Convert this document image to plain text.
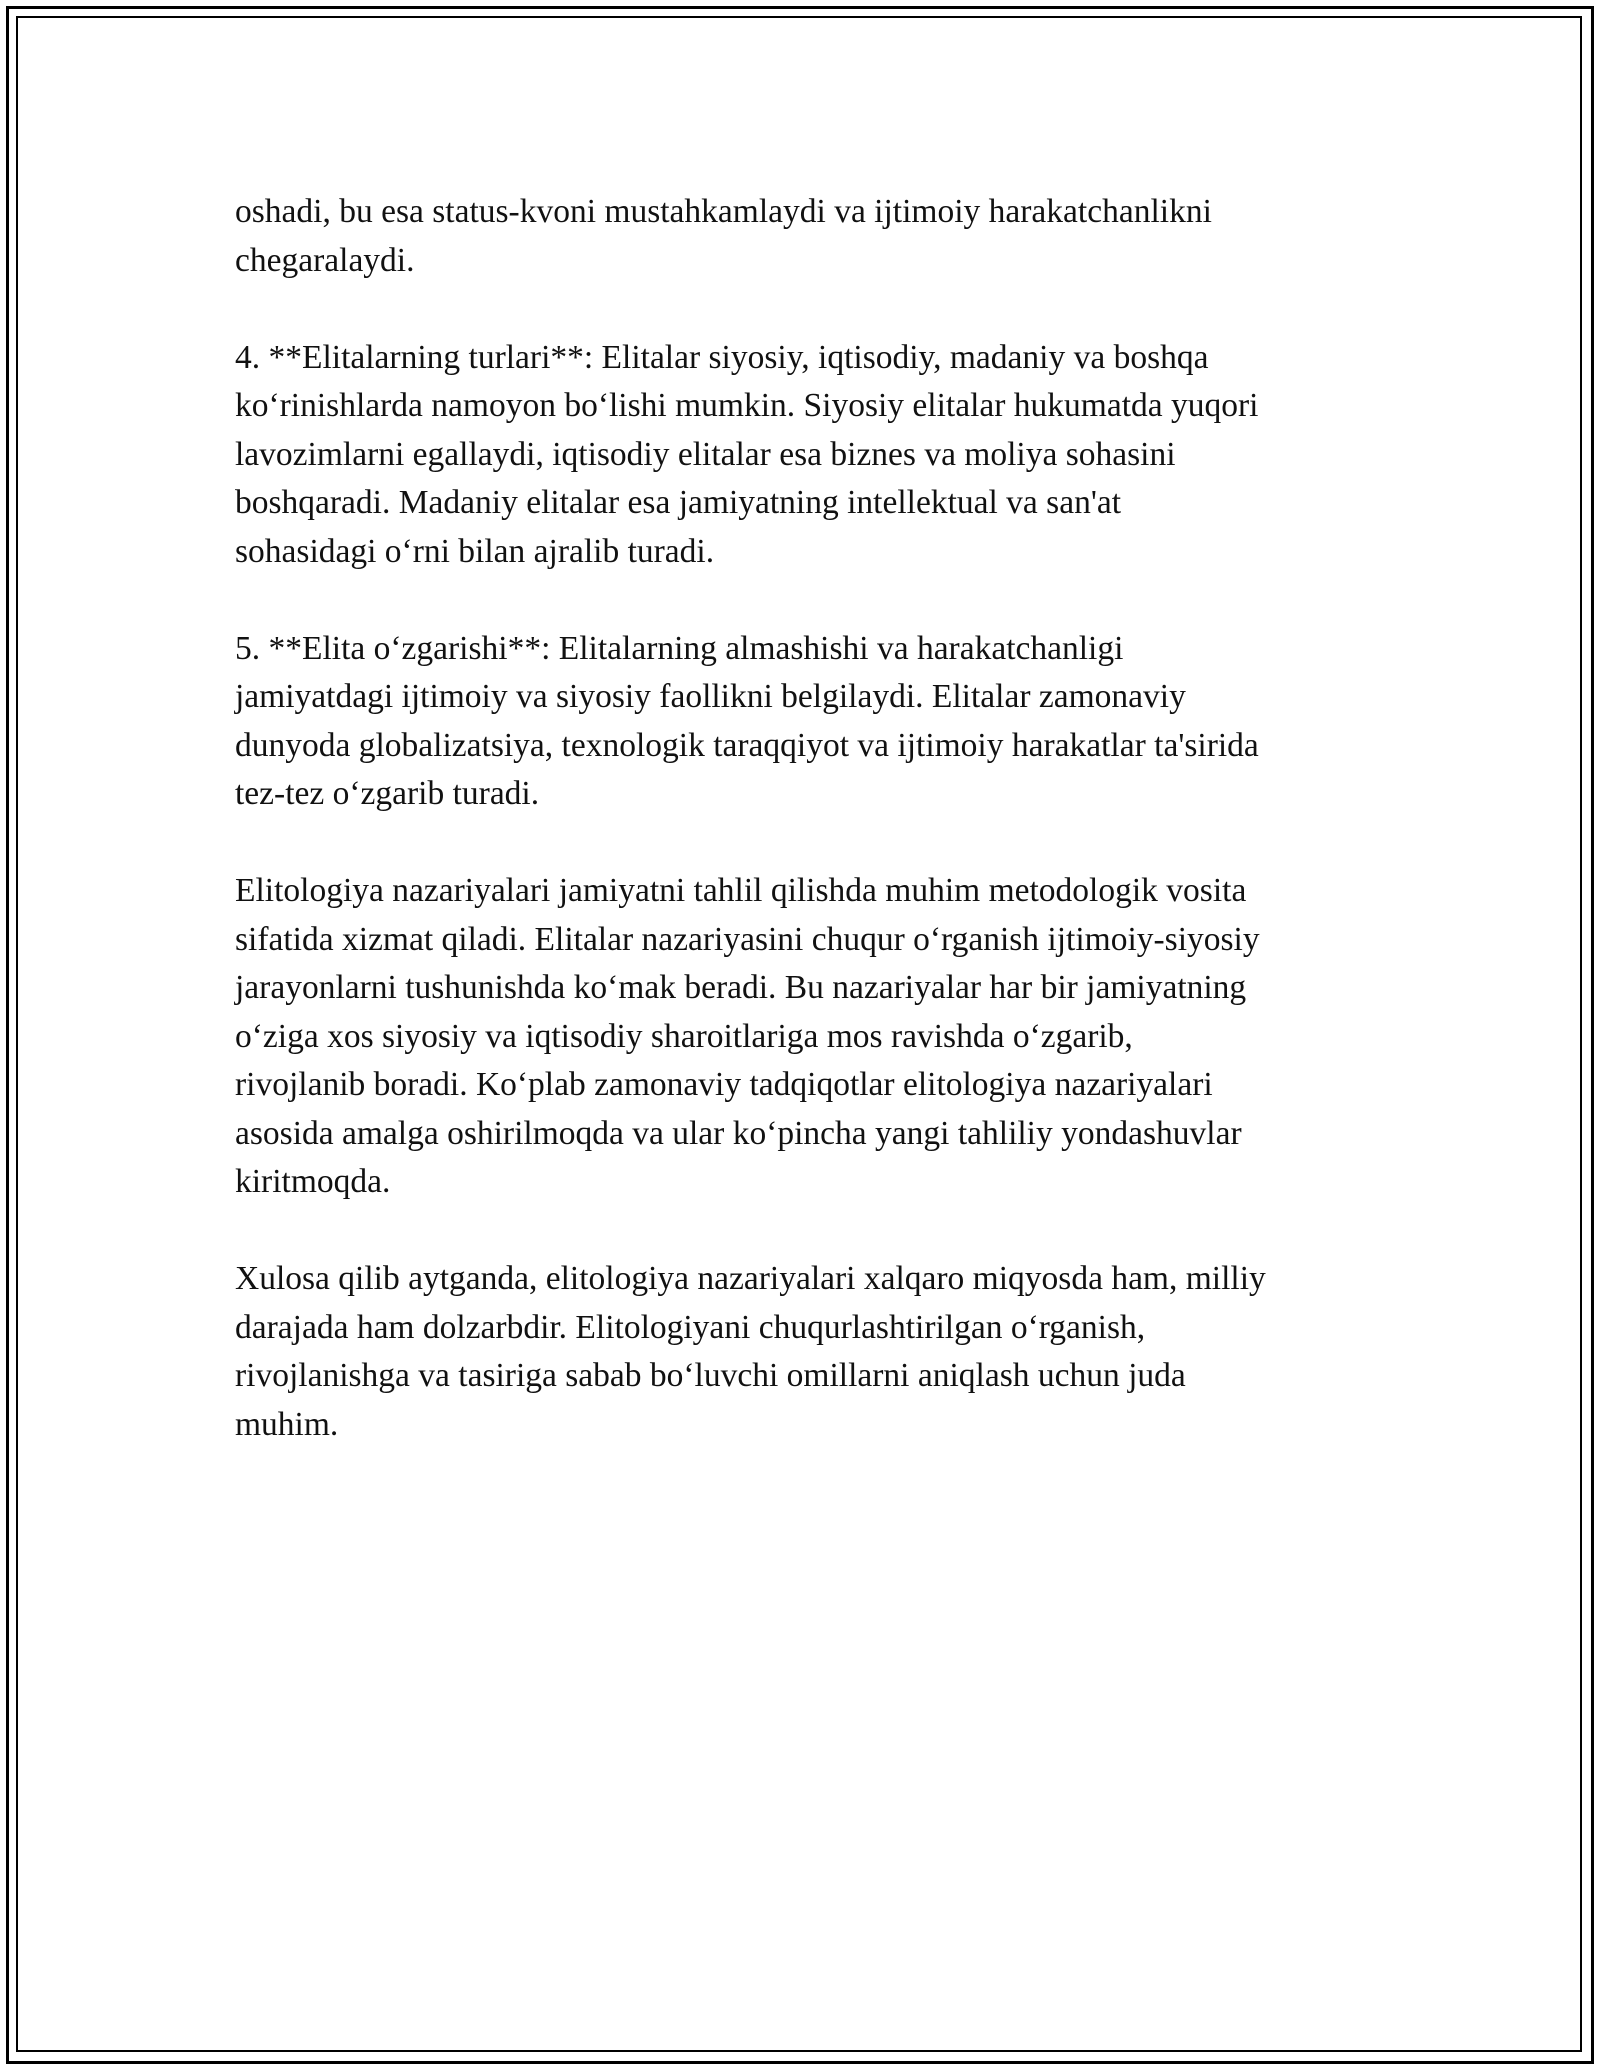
oshadi, bu esa status-kvoni mustahkamlaydi va ijtimoiy harakatchanlikni
chegaralaydi.

4. **Elitalarning turlari**: Elitalar siyosiy, iqtisodiy, madaniy va boshqa
koʻrinishlarda namoyon boʻlishi mumkin. Siyosiy elitalar hukumatda yuqori
lavozimlarni egallaydi, iqtisodiy elitalar esa biznes va moliya sohasini
boshqaradi. Madaniy elitalar esa jamiyatning intellektual va san'at
sohasidagi oʻrni bilan ajralib turadi.

5. **Elita oʻzgarishi**: Elitalarning almashishi va harakatchanligi
jamiyatdagi ijtimoiy va siyosiy faollikni belgilaydi. Elitalar zamonaviy
dunyoda globalizatsiya, texnologik taraqqiyot va ijtimoiy harakatlar ta'sirida
tez-tez oʻzgarib turadi.

Elitologiya nazariyalari jamiyatni tahlil qilishda muhim metodologik vosita
sifatida xizmat qiladi. Elitalar nazariyasini chuqur oʻrganish ijtimoiy-siyosiy
jarayonlarni tushunishda koʻmak beradi. Bu nazariyalar har bir jamiyatning
oʻziga xos siyosiy va iqtisodiy sharoitlariga mos ravishda oʻzgarib,
rivojlanib boradi. Koʻplab zamonaviy tadqiqotlar elitologiya nazariyalari
asosida amalga oshirilmoqda va ular koʻpincha yangi tahliliy yondashuvlar
kiritmoqda.

Xulosa qilib aytganda, elitologiya nazariyalari xalqaro miqyosda ham, milliy
darajada ham dolzarbdir. Elitologiyani chuqurlashtirilgan oʻrganish,
rivojlanishga va tasiriga sabab boʻluvchi omillarni aniqlash uchun juda
muhim.
